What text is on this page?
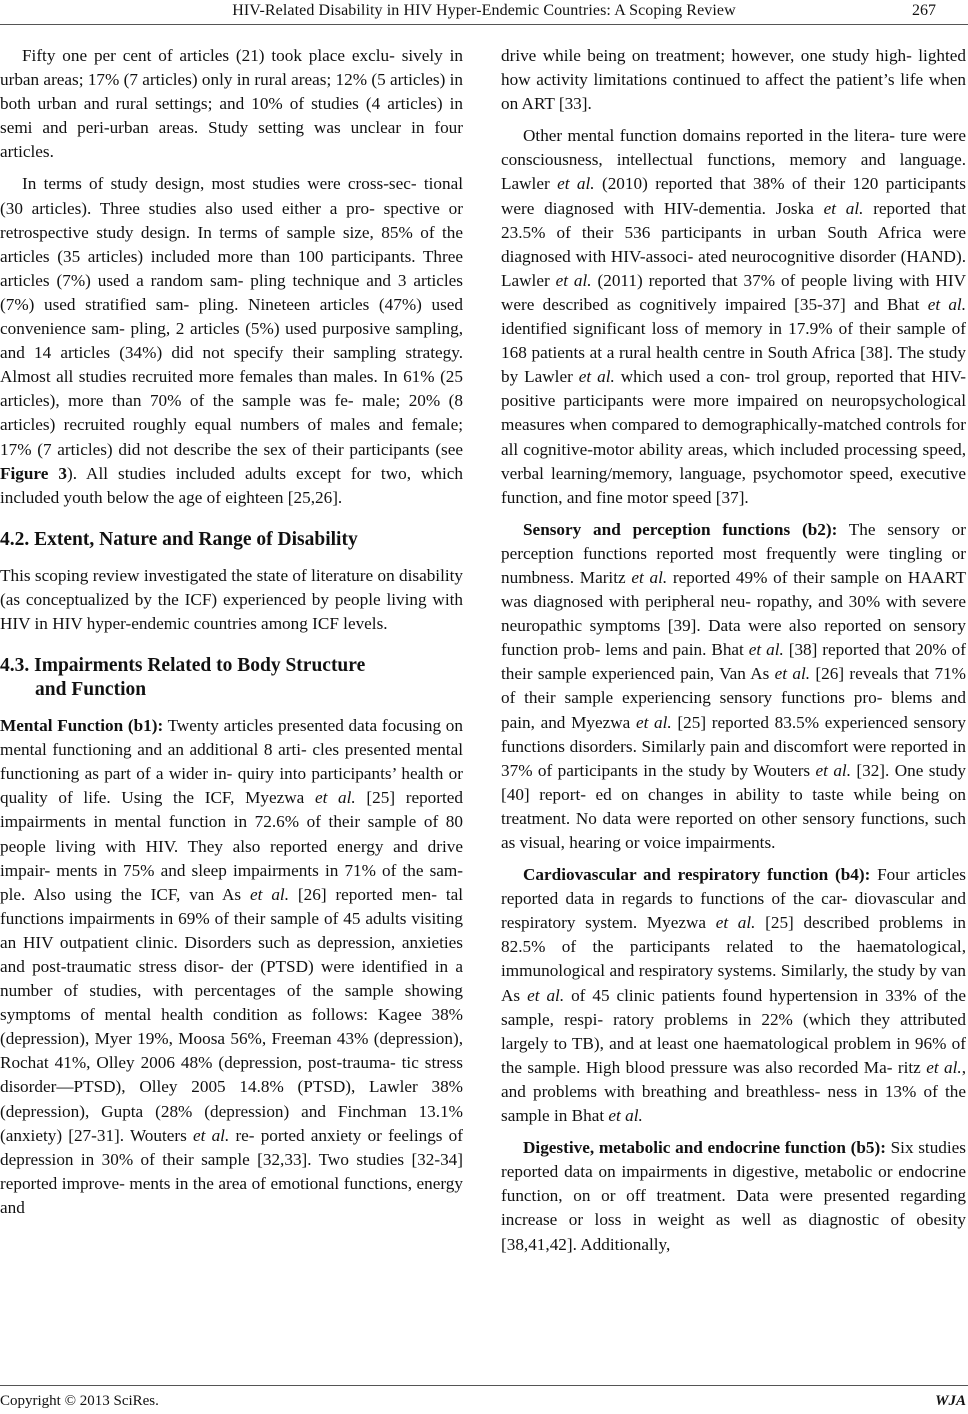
HIV-Related Disability in HIV Hyper-Endemic Countries: A Scoping Review	267

Fifty one per cent of articles (21) took place exclu- sively in urban areas; 17% (7 articles) only in rural areas; 12% (5 articles) in both urban and rural settings; and 10% of studies (4 articles) in semi and peri-urban areas. Study setting was unclear in four articles.

In terms of study design, most studies were cross-sec- tional (30 articles). Three studies also used either a pro- spective or retrospective study design. In terms of sample size, 85% of the articles (35 articles) included more than 100 participants. Three articles (7%) used a random sam- pling technique and 3 articles (7%) used stratified sam- pling. Nineteen articles (47%) used convenience sam- pling, 2 articles (5%) used purposive sampling, and 14 articles (34%) did not specify their sampling strategy. Almost all studies recruited more females than males. In 61% (25 articles), more than 70% of the sample was fe- male; 20% (8 articles) recruited roughly equal numbers of males and female; 17% (7 articles) did not describe the sex of their participants (see Figure 3). All studies included adults except for two, which included youth below the age of eighteen [25,26].

4.2. Extent, Nature and Range of Disability

This scoping review investigated the state of literature on disability (as conceptualized by the ICF) experienced by people living with HIV in HIV hyper-endemic countries among ICF levels.

4.3. Impairments Related to Body Structure
and Function

Mental Function (b1): Twenty articles presented data focusing on mental functioning and an additional 8 arti- cles presented mental functioning as part of a wider in- quiry into participants’ health or quality of life. Using the ICF, Myezwa et al. [25] reported impairments in mental function in 72.6% of their sample of 80 people living with HIV. They also reported energy and drive impair- ments in 75% and sleep impairments in 71% of the sam- ple. Also using the ICF, van As et al. [26] reported men- tal functions impairments in 69% of their sample of 45 adults visiting an HIV outpatient clinic. Disorders such as depression, anxieties and post-traumatic stress disor- der (PTSD) were identified in a number of studies, with percentages of the sample showing symptoms of mental health condition as follows: Kagee 38% (depression), Myer 19%, Moosa 56%, Freeman 43% (depression), Rochat 41%, Olley 2006 48% (depression, post-trauma- tic stress disorder—PTSD), Olley 2005 14.8% (PTSD), Lawler 38% (depression), Gupta (28% (depression) and Finchman 13.1% (anxiety) [27-31]. Wouters et al. re- ported anxiety or feelings of depression in 30% of their sample [32,33]. Two studies [32-34] reported improve- ments in the area of emotional functions, energy and

drive while being on treatment; however, one study high- lighted how activity limitations continued to affect the patient’s life when on ART [33].

Other mental function domains reported in the litera- ture were consciousness, intellectual functions, memory and language. Lawler et al. (2010) reported that 38% of their 120 participants were diagnosed with HIV-dementia. Joska et al. reported that 23.5% of their 536 participants in urban South Africa were diagnosed with HIV-associ- ated neurocognitive disorder (HAND). Lawler et al. (2011) reported that 37% of people living with HIV were described as cognitively impaired [35-37] and Bhat et al. identified significant loss of memory in 17.9% of their sample of 168 patients at a rural health centre in South Africa [38]. The study by Lawler et al. which used a con- trol group, reported that HIV-positive participants were more impaired on neuropsychological measures when compared to demographically-matched controls for all cognitive-motor ability areas, which included processing speed, verbal learning/memory, language, psychomotor speed, executive function, and fine motor speed [37].

Sensory and perception functions (b2): The sensory or perception functions reported most frequently were tingling or numbness. Maritz et al. reported 49% of their sample on HAART was diagnosed with peripheral neu- ropathy, and 30% with severe neuropathic symptoms [39]. Data were also reported on sensory function prob- lems and pain. Bhat et al. [38] reported that 20% of their sample experienced pain, Van As et al. [26] reveals that 71% of their sample experiencing sensory functions pro- blems and pain, and Myezwa et al. [25] reported 83.5% experienced sensory functions disorders. Similarly pain and discomfort were reported in 37% of participants in the study by Wouters et al. [32]. One study [40] report- ed on changes in ability to taste while being on treatment. No data were reported on other sensory functions, such as visual, hearing or voice impairments.

Cardiovascular and respiratory function (b4): Four articles reported data in regards to functions of the car- diovascular and respiratory system. Myezwa et al. [25] described problems in 82.5% of the participants related to the haematological, immunological and respiratory systems. Similarly, the study by van As et al. of 45 clinic patients found hypertension in 33% of the sample, respi- ratory problems in 22% (which they attributed largely to TB), and at least one haematological problem in 96% of the sample. High blood pressure was also recorded Ma- ritz et al., and problems with breathing and breathless- ness in 13% of the sample in Bhat et al.

Digestive, metabolic and endocrine function (b5): Six studies reported data on impairments in digestive, metabolic or endocrine function, on or off treatment. Data were presented regarding increase or loss in weight as well as diagnostic of obesity [38,41,42]. Additionally,

Copyright © 2013 SciRes.	WJA
